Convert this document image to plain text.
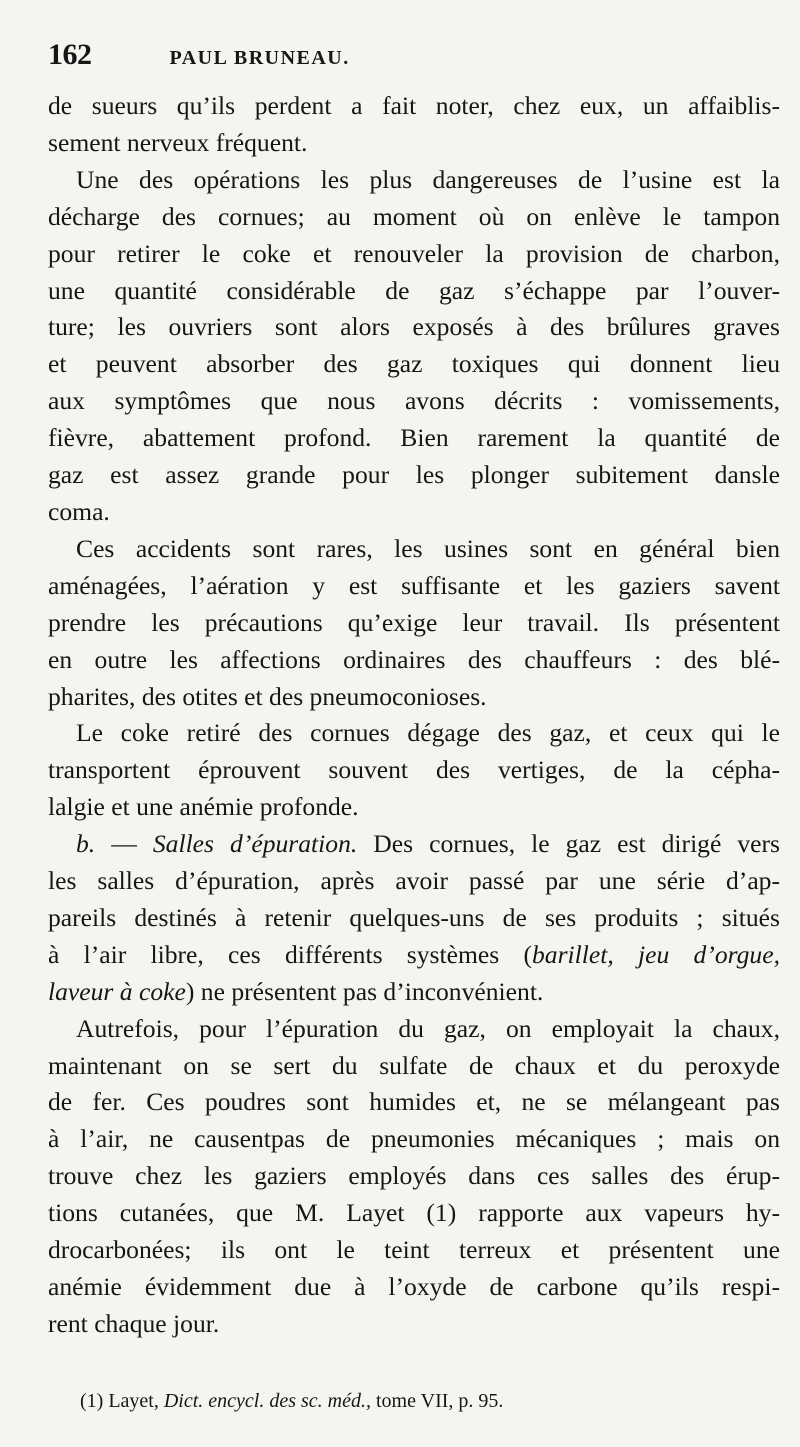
162	PAUL BRUNEAU.
de sueurs qu’ils perdent a fait noter, chez eux, un affaiblis-
sement nerveux fréquent.
Une des opérations les plus dangereuses de l’usine est la
décharge des cornues; au moment où on enlève le tampon
pour retirer le coke et renouveler la provision de charbon,
une quantité considérable de gaz s’échappe par l’ouver-
ture; les ouvriers sont alors exposés à des brûlures graves
et peuvent absorber des gaz toxiques qui donnent lieu
aux symptômes que nous avons décrits : vomissements,
fièvre, abattement profond. Bien rarement la quantité de
gaz est assez grande pour les plonger subitement dansle
coma.
Ces accidents sont rares, les usines sont en général bien
aménagées, l’aération y est suffisante et les gaziers savent
prendre les précautions qu’exige leur travail. Ils présentent
en outre les affections ordinaires des chauffeurs : des blé-
pharites, des otites et des pneumoconioses.
Le coke retiré des cornues dégage des gaz, et ceux qui le
transportent éprouvent souvent des vertiges, de la cépha-
lalgie et une anémie profonde.
b. — Salles d’épuration. Des cornues, le gaz est dirigé vers
les salles d’épuration, après avoir passé par une série d’ap-
pareils destinés à retenir quelques-uns de ses produits ; situés
à l’air libre, ces différents systèmes (barillet, jeu d’orgue,
laveur à coke) ne présentent pas d’inconvénient.
Autrefois, pour l’épuration du gaz, on employait la chaux,
maintenant on se sert du sulfate de chaux et du peroxyde
de fer. Ces poudres sont humides et, ne se mélangeant pas
à l’air, ne causentpas de pneumonies mécaniques ; mais on
trouve chez les gaziers employés dans ces salles des érup-
tions cutanées, que M. Layet (1) rapporte aux vapeurs hy-
drocarbonées; ils ont le teint terreux et présentent une
anémie évidemment due à l’oxyde de carbone qu’ils respi-
rent chaque jour.
(1) Layet, Dict. encycl. des sc. méd., tome VII, p. 95.
